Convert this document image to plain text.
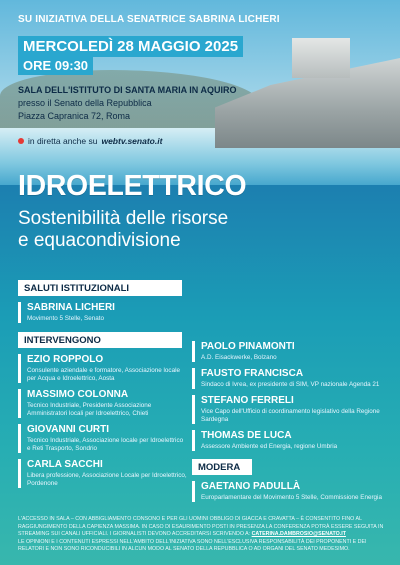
SU INIZIATIVA DELLA SENATRICE SABRINA LICHERI
MERCOLEDÌ 28 MAGGIO 2025
ORE 09:30
SALA DELL'ISTITUTO DI SANTA MARIA IN AQUIRO
presso il Senato della Repubblica
Piazza Capranica 72, Roma
in diretta anche su webtv.senato.it
IDROELETTRICO
Sostenibilità delle risorse
e equacondivisione
SALUTI ISTITUZIONALI
SABRINA LICHERI
Movimento 5 Stelle, Senato
INTERVENGONO
EZIO ROPPOLO
Consulente aziendale e formatore, Associazione locale per Acqua e Idroelettrico, Aosta
MASSIMO COLONNA
Tecnico Industriale, Presidente Associazione Amministratori locali per Idroelettrico, Chieti
GIOVANNI CURTI
Tecnico Industriale, Associazione locale per Idroelettrico e Reti Trasporto, Sondrio
CARLA SACCHI
Libera professione, Associazione Locale per Idroelettrico, Pordenone
PAOLO PINAMONTI
A.D. Eisackwerke, Bolzano
FAUSTO FRANCISCA
Sindaco di Ivrea, ex presidente di SIM, VP nazionale Agenda 21
STEFANO FERRELI
Vice Capo dell'Ufficio di coordinamento legislativo della Regione Sardegna
THOMAS DE LUCA
Assessore Ambiente ed Energia, regione Umbria
MODERA
GAETANO PADULLÀ
Europarlamentare del Movimento 5 Stelle, Commissione Energia
L'ACCESSO IN SALA – CON ABBIGLIAMENTO CONSONO E PER GLI UOMINI OBBLIGO DI GIACCA E CRAVATTA – È CONSENTITO FINO AL RAGGIUNGIMENTO DELLA CAPIENZA MASSIMA. IN CASO DI ESAURIMENTO POSTI IN PRESENZA LA CONFERENZA POTRÀ ESSERE SEGUITA IN STREAMING SUI CANALI UFFICIALI. I GIORNALISTI DEVONO ACCREDITARSI SCRIVENDO A: CATERINA.DAMBROSIO@SENATO.IT
LE OPINIONI E I CONTENUTI ESPRESSI NELL'AMBITO DELL'INIZIATIVA SONO NELL'ESCLUSIVA RESPONSABILITÀ DEI PROPONENTI E DEI RELATORI E NON SONO RICONDUCIBILI IN ALCUN MODO AL SENATO DELLA REPUBBLICA O AD ORGANI DEL SENATO MEDESIMO.
